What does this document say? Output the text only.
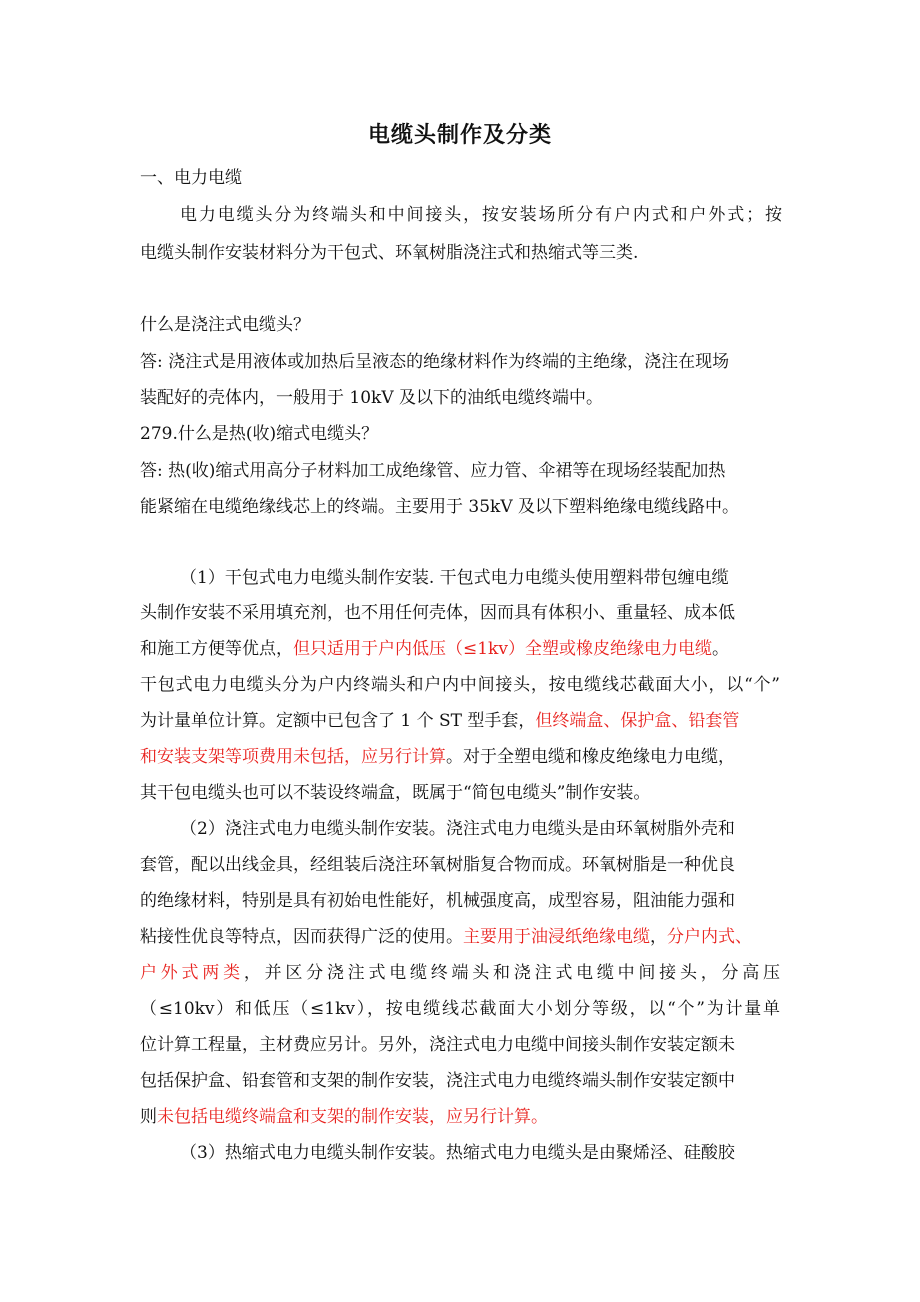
电缆头制作及分类
一、电力电缆
电力电缆头分为终端头和中间接头，按安装场所分有户内式和户外式；按
电缆头制作安装材料分为干包式、环氧树脂浇注式和热缩式等三类.
什么是浇注式电缆头？
答: 浇注式是用液体或加热后呈液态的绝缘材料作为终端的主绝缘，浇注在现场
装配好的壳体内，一般用于 10kV 及以下的油纸电缆终端中。
279.什么是热(收)缩式电缆头？
答: 热(收)缩式用高分子材料加工成绝缘管、应力管、伞裙等在现场经装配加热
能紧缩在电缆绝缘线芯上的终端。主要用于 35kV 及以下塑料绝缘电缆线路中。
（1）干包式电力电缆头制作安装. 干包式电力电缆头使用塑料带包缠电缆
头制作安装不采用填充剂，也不用任何壳体，因而具有体积小、重量轻、成本低
和施工方便等优点，但只适用于户内低压（≤1kv）全塑或橡皮绝缘电力电缆。
干包式电力电缆头分为户内终端头和户内中间接头，按电缆线芯截面大小，以“个”
为计量单位计算。定额中已包含了 1 个 ST 型手套，但终端盒、保护盒、铅套管
和安装支架等项费用未包括，应另行计算。对于全塑电缆和橡皮绝缘电力电缆，
其干包电缆头也可以不装设终端盒，既属于“简包电缆头”制作安装。
（2）浇注式电力电缆头制作安装。浇注式电力电缆头是由环氧树脂外壳和
套管，配以出线金具，经组装后浇注环氧树脂复合物而成。环氧树脂是一种优良
的绝缘材料，特别是具有初始电性能好，机械强度高，成型容易，阻油能力强和
粘接性优良等特点，因而获得广泛的使用。主要用于油浸纸绝缘电缆，分户内式、
户外式两类，并区分浇注式电缆终端头和浇注式电缆中间接头，分高压
（≤10kv）和低压（≤1kv），按电缆线芯截面大小划分等级，以“个”为计量单
位计算工程量，主材费应另计。另外，浇注式电力电缆中间接头制作安装定额未
包括保护盒、铅套管和支架的制作安装，浇注式电力电缆终端头制作安装定额中
则未包括电缆终端盒和支架的制作安装，应另行计算。
（3）热缩式电力电缆头制作安装。热缩式电力电缆头是由聚烯泾、硅酸胶
